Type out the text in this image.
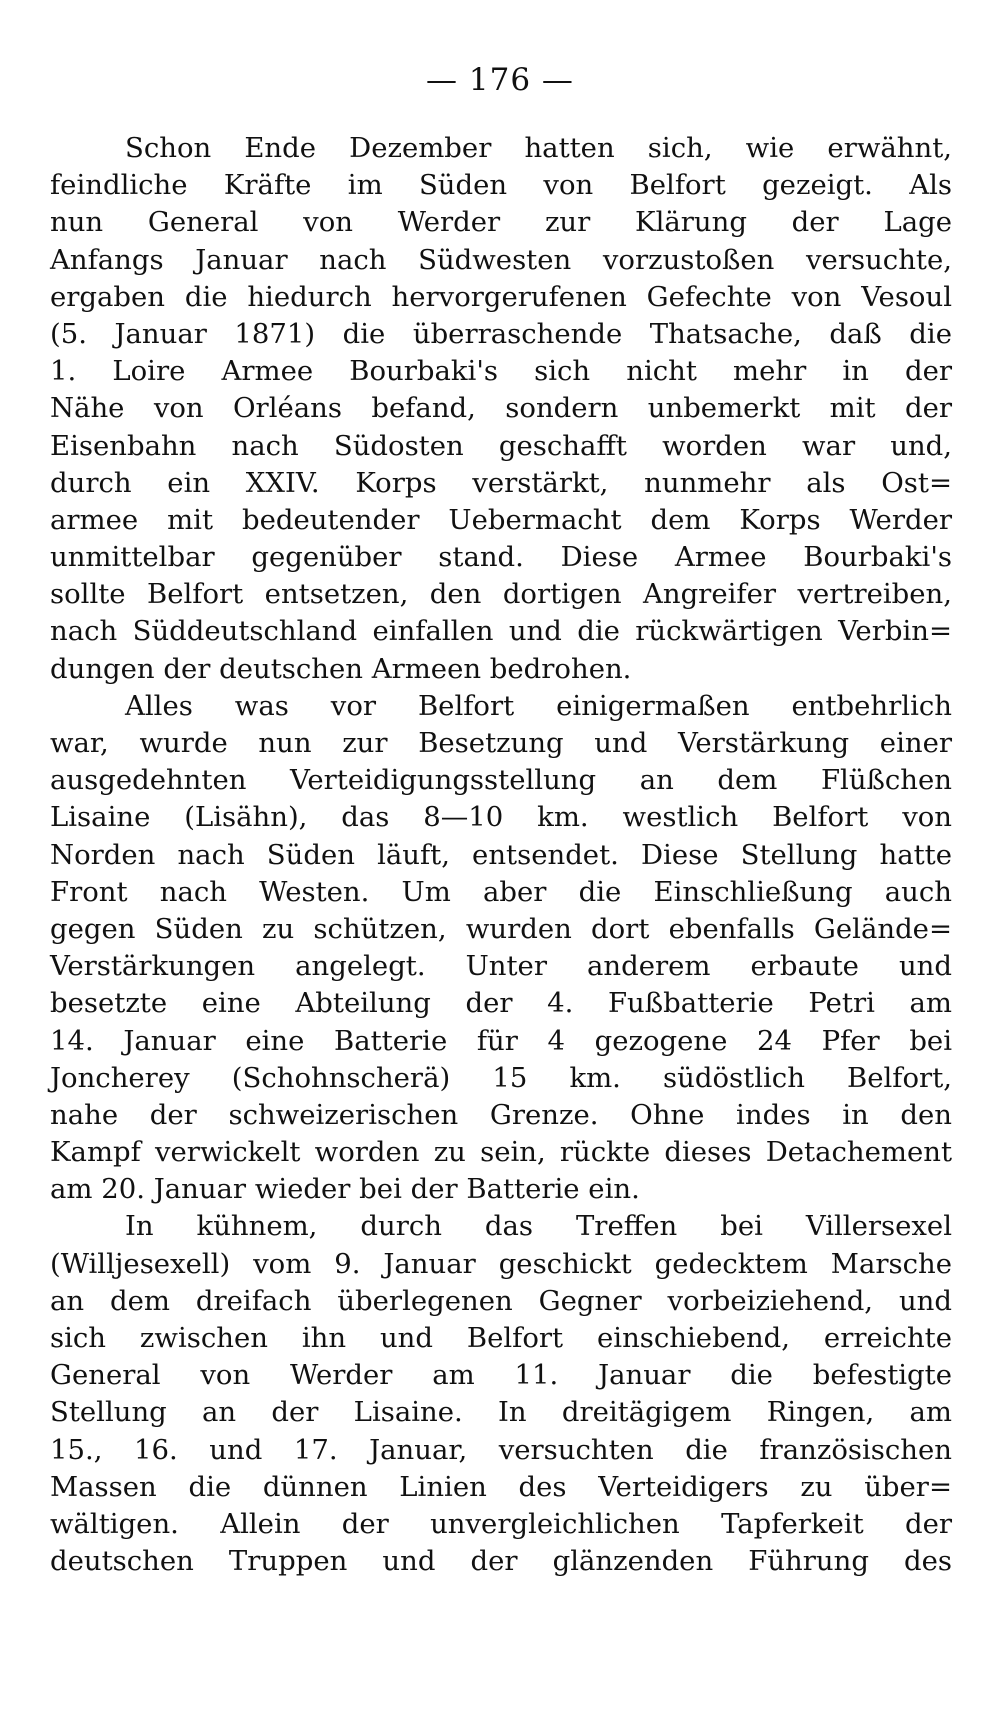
— 176 —
Schon Ende Dezember hatten sich, wie erwähnt,
feindliche Kräfte im Süden von Belfort gezeigt. Als
nun General von Werder zur Klärung der Lage
Anfangs Januar nach Südwesten vorzustoßen versuchte,
ergaben die hiedurch hervorgerufenen Gefechte von Vesoul
(5. Januar 1871) die überraschende Thatsache, daß die
1. Loire Armee Bourbaki's sich nicht mehr in der
Nähe von Orléans befand, sondern unbemerkt mit der
Eisenbahn nach Südosten geschafft worden war und,
durch ein XXIV. Korps verstärkt, nunmehr als Ost=
armee mit bedeutender Uebermacht dem Korps Werder
unmittelbar gegenüber stand. Diese Armee Bourbaki's
sollte Belfort entsetzen, den dortigen Angreifer vertreiben,
nach Süddeutschland einfallen und die rückwärtigen Verbin=
dungen der deutschen Armeen bedrohen.
Alles was vor Belfort einigermaßen entbehrlich
war, wurde nun zur Besetzung und Verstärkung einer
ausgedehnten Verteidigungsstellung an dem Flüßchen
Lisaine (Lisähn), das 8—10 km. westlich Belfort von
Norden nach Süden läuft, entsendet. Diese Stellung hatte
Front nach Westen. Um aber die Einschließung auch
gegen Süden zu schützen, wurden dort ebenfalls Gelände=
Verstärkungen angelegt. Unter anderem erbaute und
besetzte eine Abteilung der 4. Fußbatterie Petri am
14. Januar eine Batterie für 4 gezogene 24 Pfer bei
Joncherey (Schohnscherä) 15 km. südöstlich Belfort,
nahe der schweizerischen Grenze. Ohne indes in den
Kampf verwickelt worden zu sein, rückte dieses Detachement
am 20. Januar wieder bei der Batterie ein.
In kühnem, durch das Treffen bei Villersexel
(Willjesexell) vom 9. Januar geschickt gedecktem Marsche
an dem dreifach überlegenen Gegner vorbeiziehend, und
sich zwischen ihn und Belfort einschiebend, erreichte
General von Werder am 11. Januar die befestigte
Stellung an der Lisaine. In dreitägigem Ringen, am
15., 16. und 17. Januar, versuchten die französischen
Massen die dünnen Linien des Verteidigers zu über=
wältigen. Allein der unvergleichlichen Tapferkeit der
deutschen Truppen und der glänzenden Führung des
